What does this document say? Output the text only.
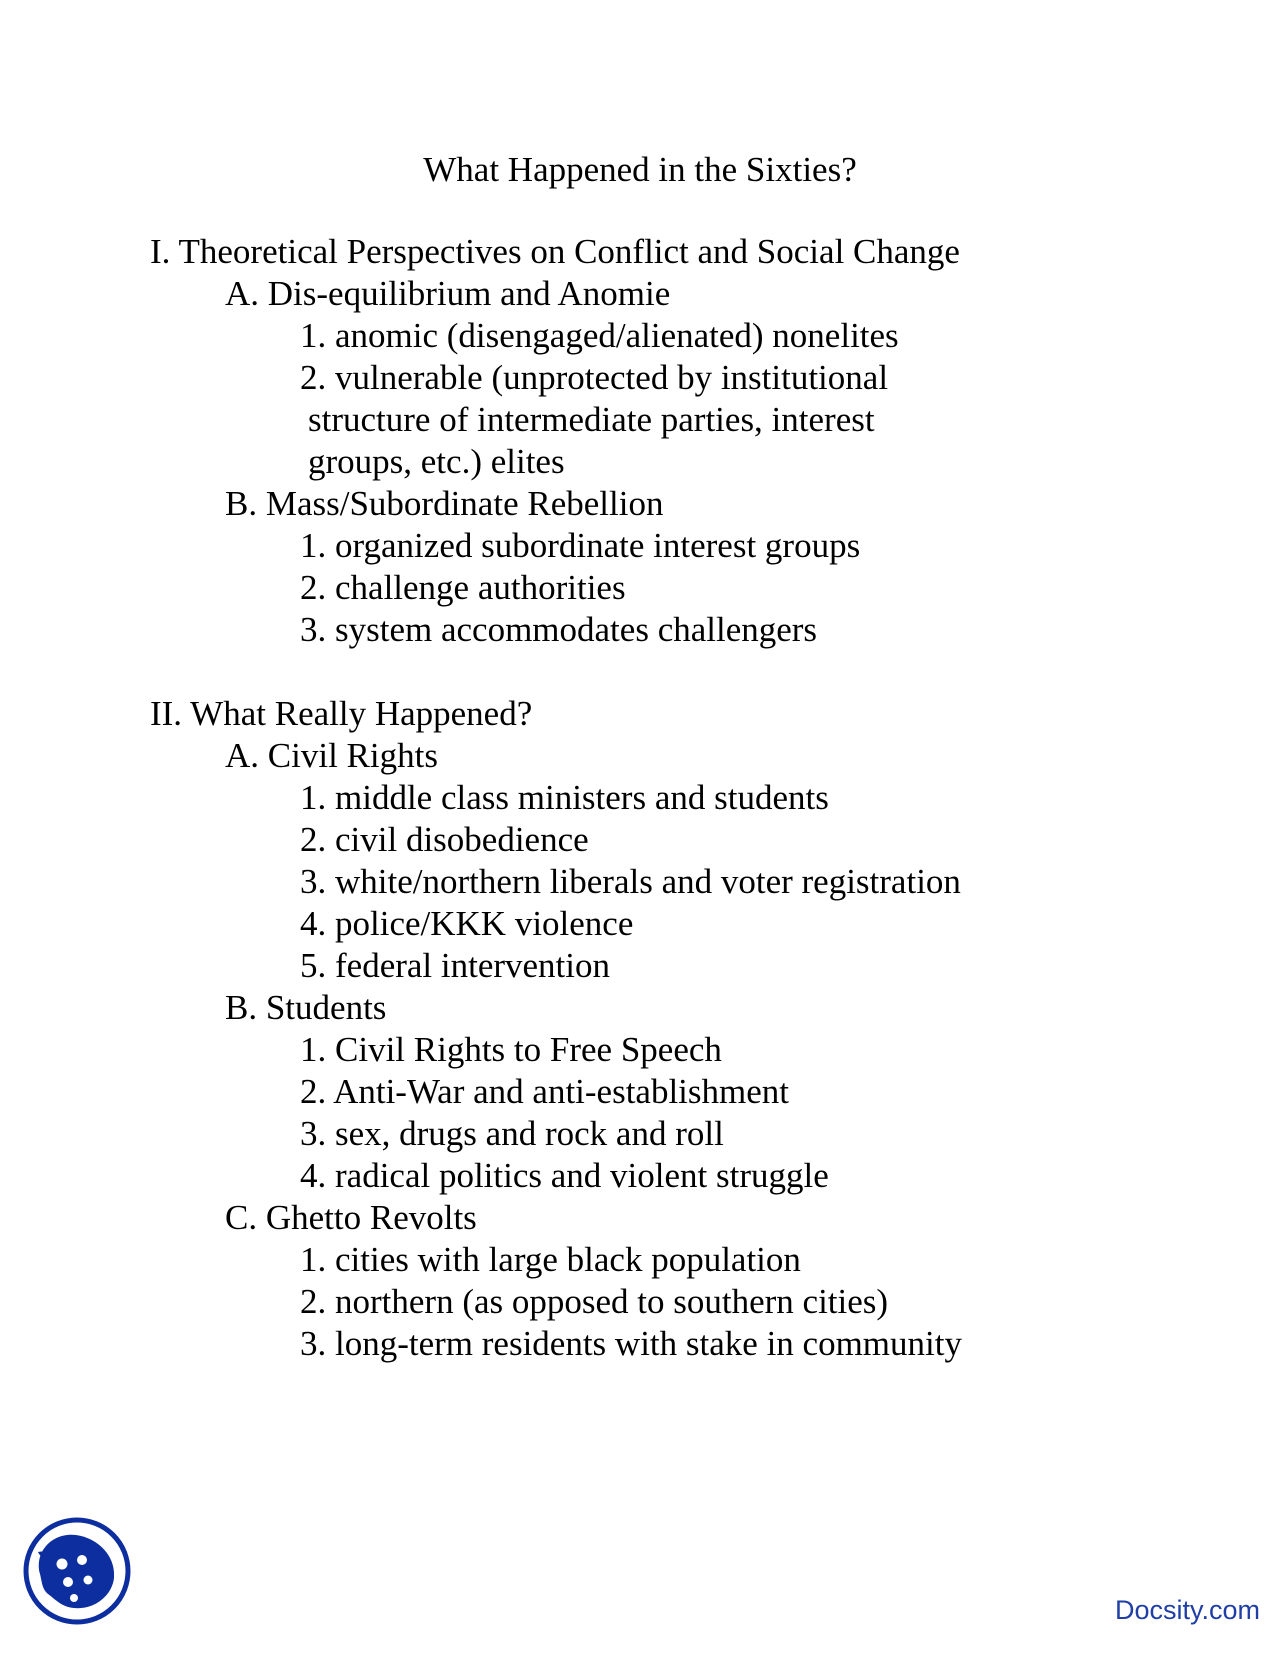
What Happened in the Sixties?
I. Theoretical Perspectives on Conflict and Social Change
A. Dis-equilibrium and Anomie
1. anomic (disengaged/alienated) nonelites
2. vulnerable (unprotected by institutional
structure of intermediate parties, interest
groups, etc.) elites
B. Mass/Subordinate Rebellion
1. organized subordinate interest groups
2. challenge authorities
3. system accommodates challengers
II. What Really Happened?
A. Civil Rights
1. middle class ministers and students
2. civil disobedience
3. white/northern liberals and voter registration
4. police/KKK violence
5. federal intervention
B. Students
1. Civil Rights to Free Speech
2. Anti-War and anti-establishment
3. sex, drugs and rock and roll
4. radical politics and violent struggle
C. Ghetto Revolts
1. cities with large black population
2. northern (as opposed to southern cities)
3. long-term residents with stake in community
Docsity.com
